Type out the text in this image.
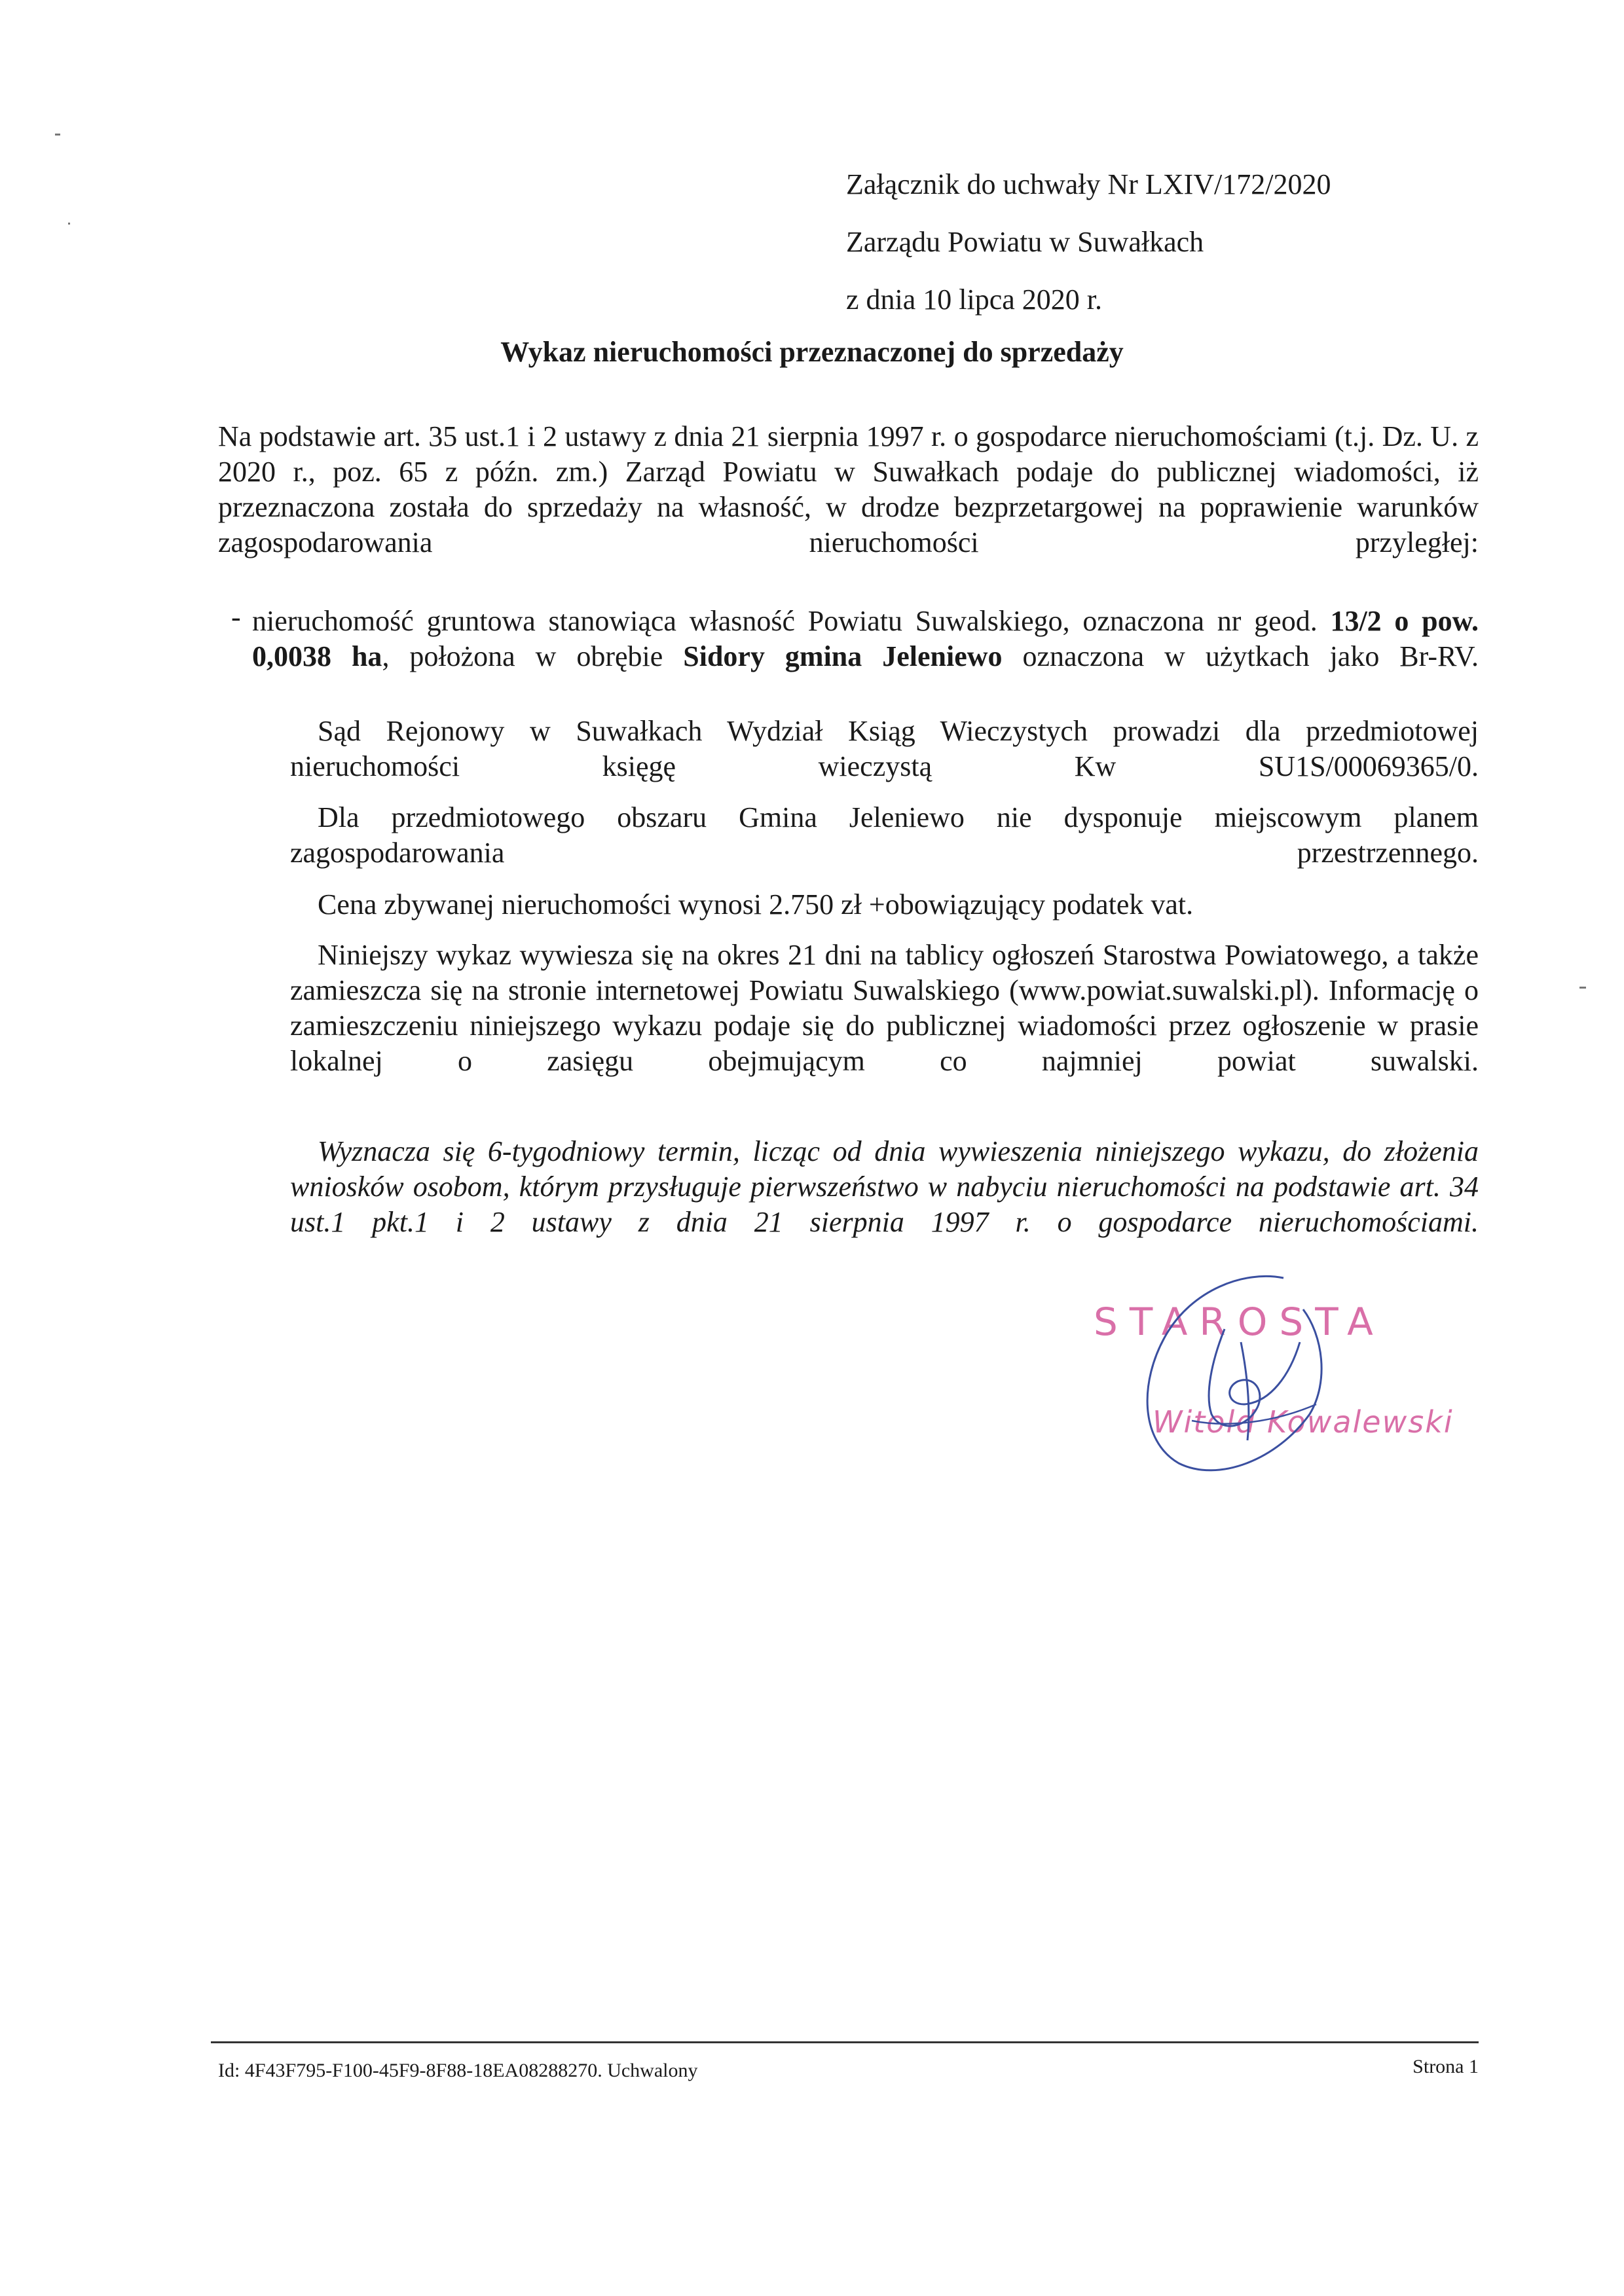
Załącznik do uchwały Nr LXIV/172/2020
Zarządu Powiatu w Suwałkach
z dnia 10 lipca 2020 r.
Wykaz nieruchomości przeznaczonej do sprzedaży
Na podstawie art. 35 ust.1 i 2 ustawy z dnia 21 sierpnia 1997 r. o gospodarce nieruchomościami (t.j. Dz. U. z 2020 r., poz. 65 z późn. zm.) Zarząd Powiatu w Suwałkach podaje do publicznej wiadomości, iż przeznaczona została do sprzedaży na własność, w drodze bezprzetargowej na poprawienie warunków zagospodarowania nieruchomości przyległej:
- nieruchomość gruntowa stanowiąca własność Powiatu Suwalskiego, oznaczona nr geod. 13/2 o pow. 0,0038 ha, położona w obrębie Sidory gmina Jeleniewo oznaczona w użytkach jako Br-RV.
Sąd Rejonowy w Suwałkach Wydział Ksiąg Wieczystych prowadzi dla przedmiotowej nieruchomości księgę wieczystą Kw SU1S/00069365/0.
Dla przedmiotowego obszaru Gmina Jeleniewo nie dysponuje miejscowym planem zagospodarowania przestrzennego.
Cena zbywanej nieruchomości wynosi 2.750 zł +obowiązujący podatek vat.
Niniejszy wykaz wywiesza się na okres 21 dni na tablicy ogłoszeń Starostwa Powiatowego, a także zamieszcza się na stronie internetowej Powiatu Suwalskiego (www.powiat.suwalski.pl). Informację o zamieszczeniu niniejszego wykazu podaje się do publicznej wiadomości przez ogłoszenie w prasie lokalnej o zasięgu obejmującym co najmniej powiat suwalski.
Wyznacza się 6-tygodniowy termin, licząc od dnia wywieszenia niniejszego wykazu, do złożenia wniosków osobom, którym przysługuje pierwszeństwo w nabyciu nieruchomości na podstawie art. 34 ust.1 pkt.1 i 2 ustawy z dnia 21 sierpnia 1997 r. o gospodarce nieruchomościami.
STAROSTA
Witold Kowalewski
Id: 4F43F795-F100-45F9-8F88-18EA08288270. Uchwalony	Strona 1
